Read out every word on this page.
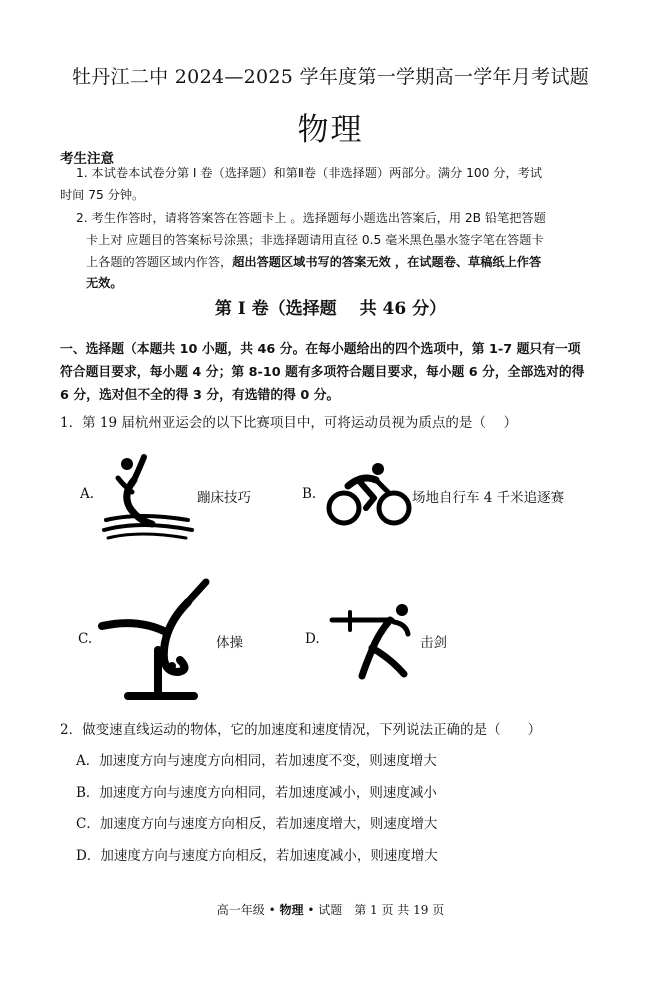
牡丹江二中 2024—2025 学年度第一学期高一学年月考试题
物理
考生注意
1. 本试卷本试卷分第 I 卷（选择题）和第Ⅱ卷（非选择题）两部分。满分 100 分，考试
时间 75 分钟。
2. 考生作答时，请将答案答在答题卡上 。选择题每小题选出答案后，用 2B 铅笔把答题
卡上对 应题目的答案标号涂黑；非选择题请用直径 0.5 毫米黑色墨水签字笔在答题卡
上各题的答题区域内作答，超出答题区域书写的答案无效 ，在试题卷、草稿纸上作答
无效。
第 I 卷（选择题　 共 46 分）
一、选择题（本题共 10 小题，共 46 分。在每小题给出的四个选项中，第 1-7 题只有一项
符合题目要求，每小题 4 分；第 8-10 题有多项符合题目要求，每小题 6 分，全部选对的得
6 分，选对但不全的得 3 分，有选错的得 0 分。
1．第 19 届杭州亚运会的以下比赛项目中，可将运动员视为质点的是（　 ）
A.	蹦床技巧	B.	场地自行车 4 千米追逐赛
C.	体操	D.	击剑
2．做变速直线运动的物体，它的加速度和速度情况，下列说法正确的是（　　）
A．加速度方向与速度方向相同，若加速度不变，则速度增大
B．加速度方向与速度方向相同，若加速度减小，则速度减小
C．加速度方向与速度方向相反，若加速度增大，则速度增大
D．加速度方向与速度方向相反，若加速度减小，则速度增大
高一年级 • 物理 • 试题　第 1 页 共 19 页
